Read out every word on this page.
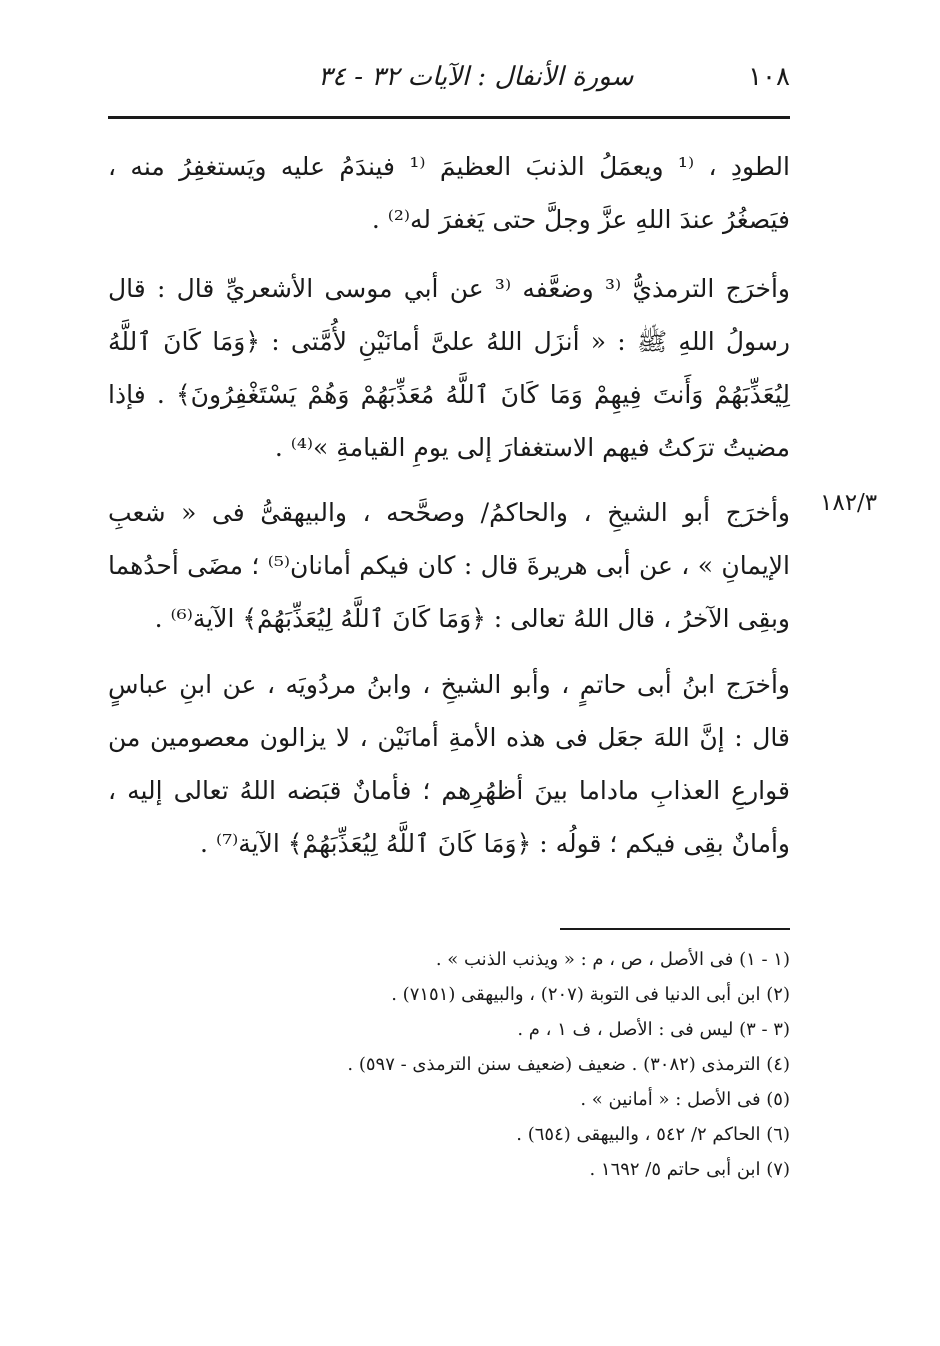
١٠٨
سورة الأنفال : الآيات ٣٢ - ٣٤

الطودِ ، ⁽¹ ويعمَلُ الذنبَ العظيمَ ⁽¹ فيندَمُ عليه ويَستغفِرُ منه ، فيَصغُرُ عندَ اللهِ عزَّ وجلَّ حتى يَغفرَ له⁽²⁾ .

وأخرَج الترمذيُّ ⁽³ وضعَّفه ⁽³ عن أبي موسى الأشعريِّ قال : قال رسولُ اللهِ ﷺ : « أنزَل اللهُ علىَّ أمانَيْنِ لأُمَّتى : ﴿وَمَا كَانَ ٱللَّهُ لِيُعَذِّبَهُمْ وَأَنتَ فِيهِمْ وَمَا كَانَ ٱللَّهُ مُعَذِّبَهُمْ وَهُمْ يَسْتَغْفِرُونَ﴾ . فإذا مضيتُ ترَكتُ فيهم الاستغفارَ إلى يومِ القيامةِ »⁽⁴⁾ .

١٨٢/٣

وأخرَج أبو الشيخِ ، والحاكمُ/ وصحَّحه ، والبيهقىُّ فى « شعبِ الإيمانِ » ، عن أبى هريرةَ قال : كان فيكم أمانان⁽⁵⁾ ؛ مضَى أحدُهما وبقِى الآخرُ ، قال اللهُ تعالى : ﴿وَمَا كَانَ ٱللَّهُ لِيُعَذِّبَهُمْ﴾ الآية⁽⁶⁾ .

وأخرَج ابنُ أبى حاتمٍ ، وأبو الشيخِ ، وابنُ مردُويَه ، عن ابنِ عباسٍ قال : إنَّ اللهَ جعَل فى هذه الأمةِ أمانَيْن ، لا يزالون معصومين من قوارعِ العذابِ ماداما بينَ أظهُرِهم ؛ فأمانٌ قبَضه اللهُ تعالى إليه ، وأمانٌ بقِى فيكم ؛ قولُه : ﴿وَمَا كَانَ ٱللَّهُ لِيُعَذِّبَهُمْ﴾ الآية⁽⁷⁾ .

(١ - ١) فى الأصل ، ص ، م : « ويذنب الذنب » .
(٢) ابن أبى الدنيا فى التوبة (٢٠٧) ، والبيهقى (٧١٥١) .
(٣ - ٣) ليس فى : الأصل ، ف ١ ، م .
(٤) الترمذى (٣٠٨٢) . ضعيف (ضعيف سنن الترمذى - ٥٩٧) .
(٥) فى الأصل : « أمانين » .
(٦) الحاكم ٢/ ٥٤٢ ، والبيهقى (٦٥٤) .
(٧) ابن أبى حاتم ٥/ ١٦٩٢ .
